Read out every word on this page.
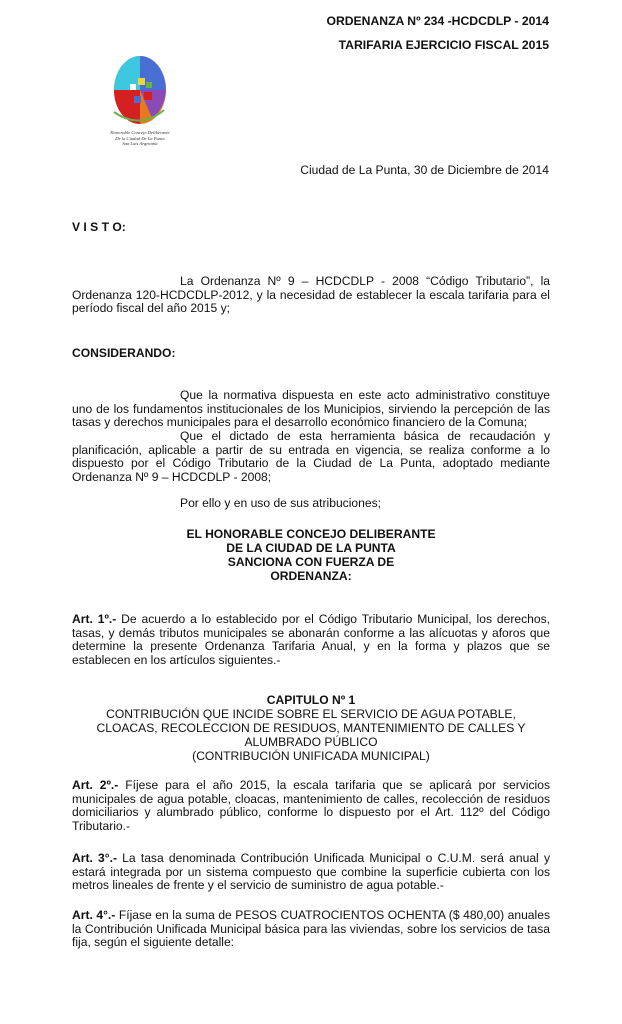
ORDENANZA Nº 234 -HCDCDLP - 2014
TARIFARIA EJERCICIO FISCAL 2015
Honorable Concejo Deliberante
De la Ciudad De La Punta
San Luis Argentina
Ciudad de La Punta, 30 de Diciembre de 2014
V I S T O:

La Ordenanza Nº 9 – HCDCDLP - 2008 “Código Tributario”, la Ordenanza 120-HCDCDLP-2012, y la necesidad de establecer la escala tarifaria para el período fiscal del año 2015 y;

CONSIDERANDO:

Que la normativa dispuesta en este acto administrativo constituye uno de los fundamentos institucionales de los Municipios, sirviendo la percepción de las tasas y derechos municipales para el desarrollo económico financiero de la Comuna;

Que el dictado de esta herramienta básica de recaudación y planificación, aplicable a partir de su entrada en vigencia, se realiza conforme a lo dispuesto por el Código Tributario de la Ciudad de La Punta, adoptado mediante Ordenanza Nº 9 – HCDCDLP - 2008;

Por ello y en uso de sus atribuciones;

EL HONORABLE CONCEJO DELIBERANTE
DE LA CIUDAD DE LA PUNTA
SANCIONA CON FUERZA DE
ORDENANZA:

Art. 1º.- De acuerdo a lo establecido por el Código Tributario Municipal, los derechos, tasas, y demás tributos municipales se abonarán conforme a las alícuotas y aforos que determine la presente Ordenanza Tarifaria Anual, y en la forma y plazos que se establecen en los artículos siguientes.-

CAPITULO Nº 1
CONTRIBUCIÓN QUE INCIDE SOBRE EL SERVICIO DE AGUA POTABLE,
CLOACAS, RECOLECCION DE RESIDUOS, MANTENIMIENTO DE CALLES Y
ALUMBRADO PÚBLICO
(CONTRIBUCIÓN UNIFICADA MUNICIPAL)

Art. 2º.- Fíjese para el año 2015, la escala tarifaria que se aplicará por servicios municipales de agua potable, cloacas, mantenimiento de calles, recolección de residuos domiciliarios y alumbrado público, conforme lo dispuesto por el Art. 112º del Código Tributario.-

Art. 3°.- La tasa denominada Contribución Unificada Municipal o C.U.M. será anual y estará integrada por un sistema compuesto que combine la superficie cubierta con los metros lineales de frente y el servicio de suministro de agua potable.-

Art. 4°.- Fíjase en la suma de PESOS CUATROCIENTOS OCHENTA ($ 480,00) anuales la Contribución Unificada Municipal básica para las viviendas, sobre los servicios de tasa fija, según el siguiente detalle:
